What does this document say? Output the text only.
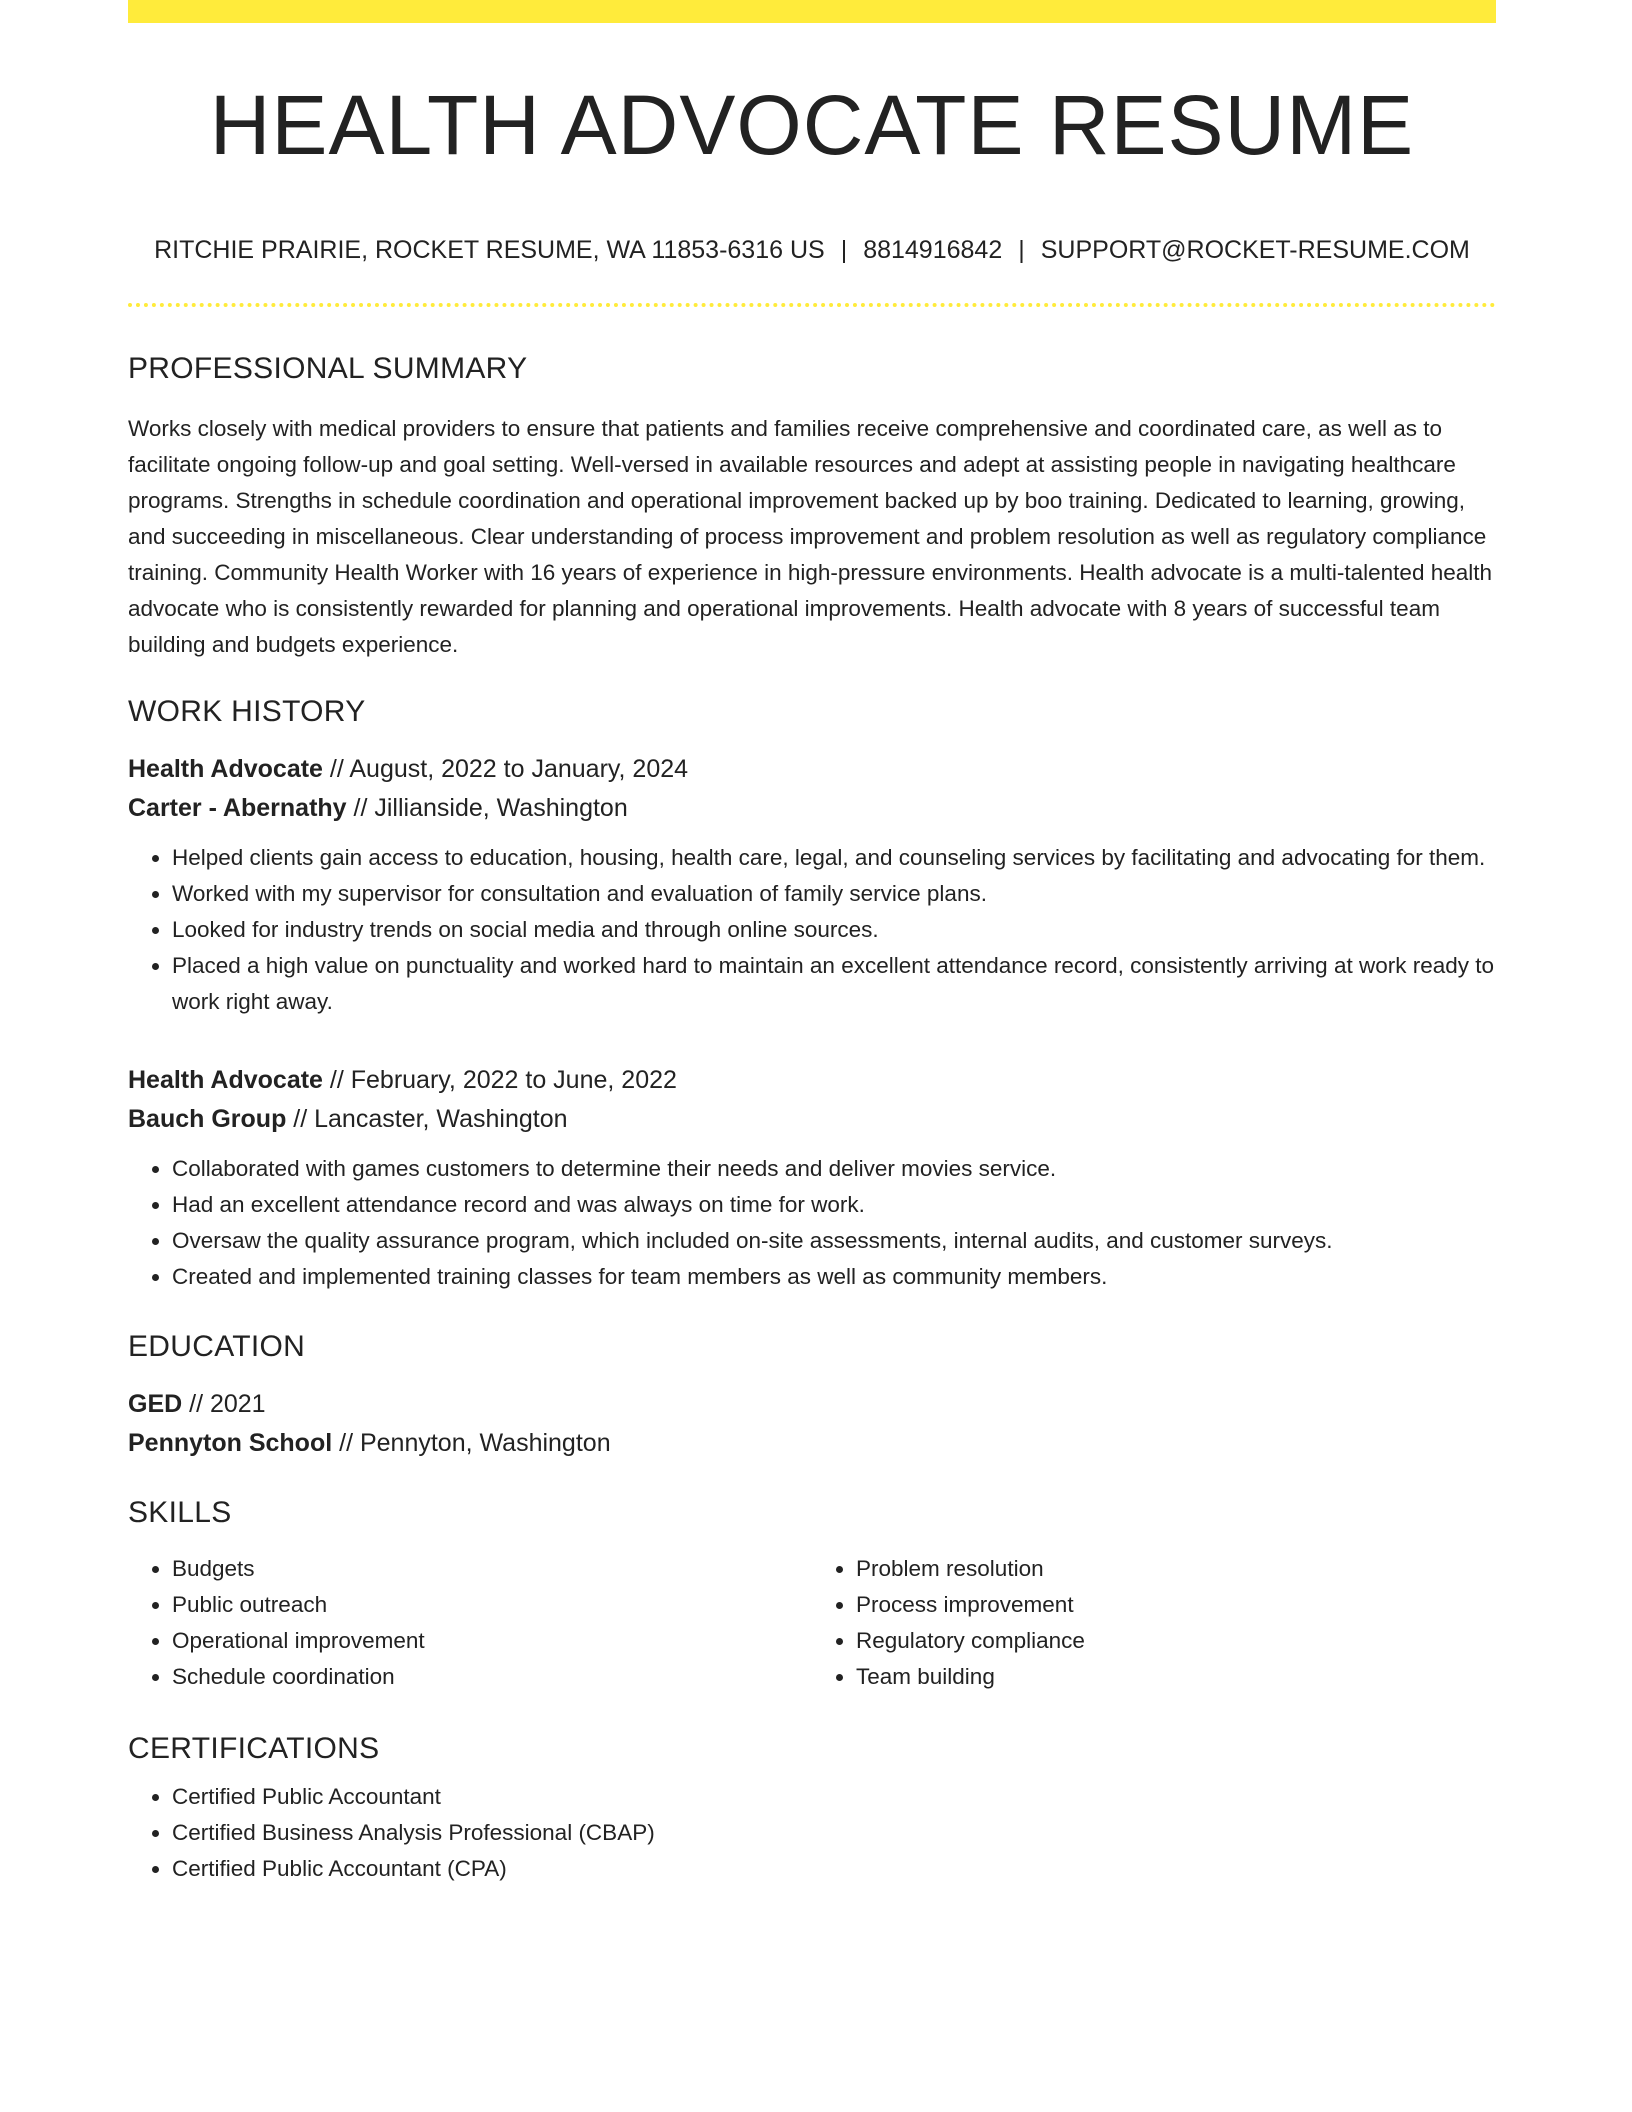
HEALTH ADVOCATE RESUME
RITCHIE PRAIRIE, ROCKET RESUME, WA 11853-6316 US | 8814916842 | SUPPORT@ROCKET-RESUME.COM
PROFESSIONAL SUMMARY
Works closely with medical providers to ensure that patients and families receive comprehensive and coordinated care, as well as to facilitate ongoing follow-up and goal setting. Well-versed in available resources and adept at assisting people in navigating healthcare programs. Strengths in schedule coordination and operational improvement backed up by boo training. Dedicated to learning, growing, and succeeding in miscellaneous. Clear understanding of process improvement and problem resolution as well as regulatory compliance training. Community Health Worker with 16 years of experience in high-pressure environments. Health advocate is a multi-talented health advocate who is consistently rewarded for planning and operational improvements. Health advocate with 8 years of successful team building and budgets experience.
WORK HISTORY
Health Advocate // August, 2022 to January, 2024
Carter - Abernathy // Jillianside, Washington
• Helped clients gain access to education, housing, health care, legal, and counseling services by facilitating and advocating for them.
• Worked with my supervisor for consultation and evaluation of family service plans.
• Looked for industry trends on social media and through online sources.
• Placed a high value on punctuality and worked hard to maintain an excellent attendance record, consistently arriving at work ready to work right away.
Health Advocate // February, 2022 to June, 2022
Bauch Group // Lancaster, Washington
• Collaborated with games customers to determine their needs and deliver movies service.
• Had an excellent attendance record and was always on time for work.
• Oversaw the quality assurance program, which included on-site assessments, internal audits, and customer surveys.
• Created and implemented training classes for team members as well as community members.
EDUCATION
GED // 2021
Pennyton School // Pennyton, Washington
SKILLS
• Budgets
• Public outreach
• Operational improvement
• Schedule coordination
• Problem resolution
• Process improvement
• Regulatory compliance
• Team building
CERTIFICATIONS
• Certified Public Accountant
• Certified Business Analysis Professional (CBAP)
• Certified Public Accountant (CPA)
